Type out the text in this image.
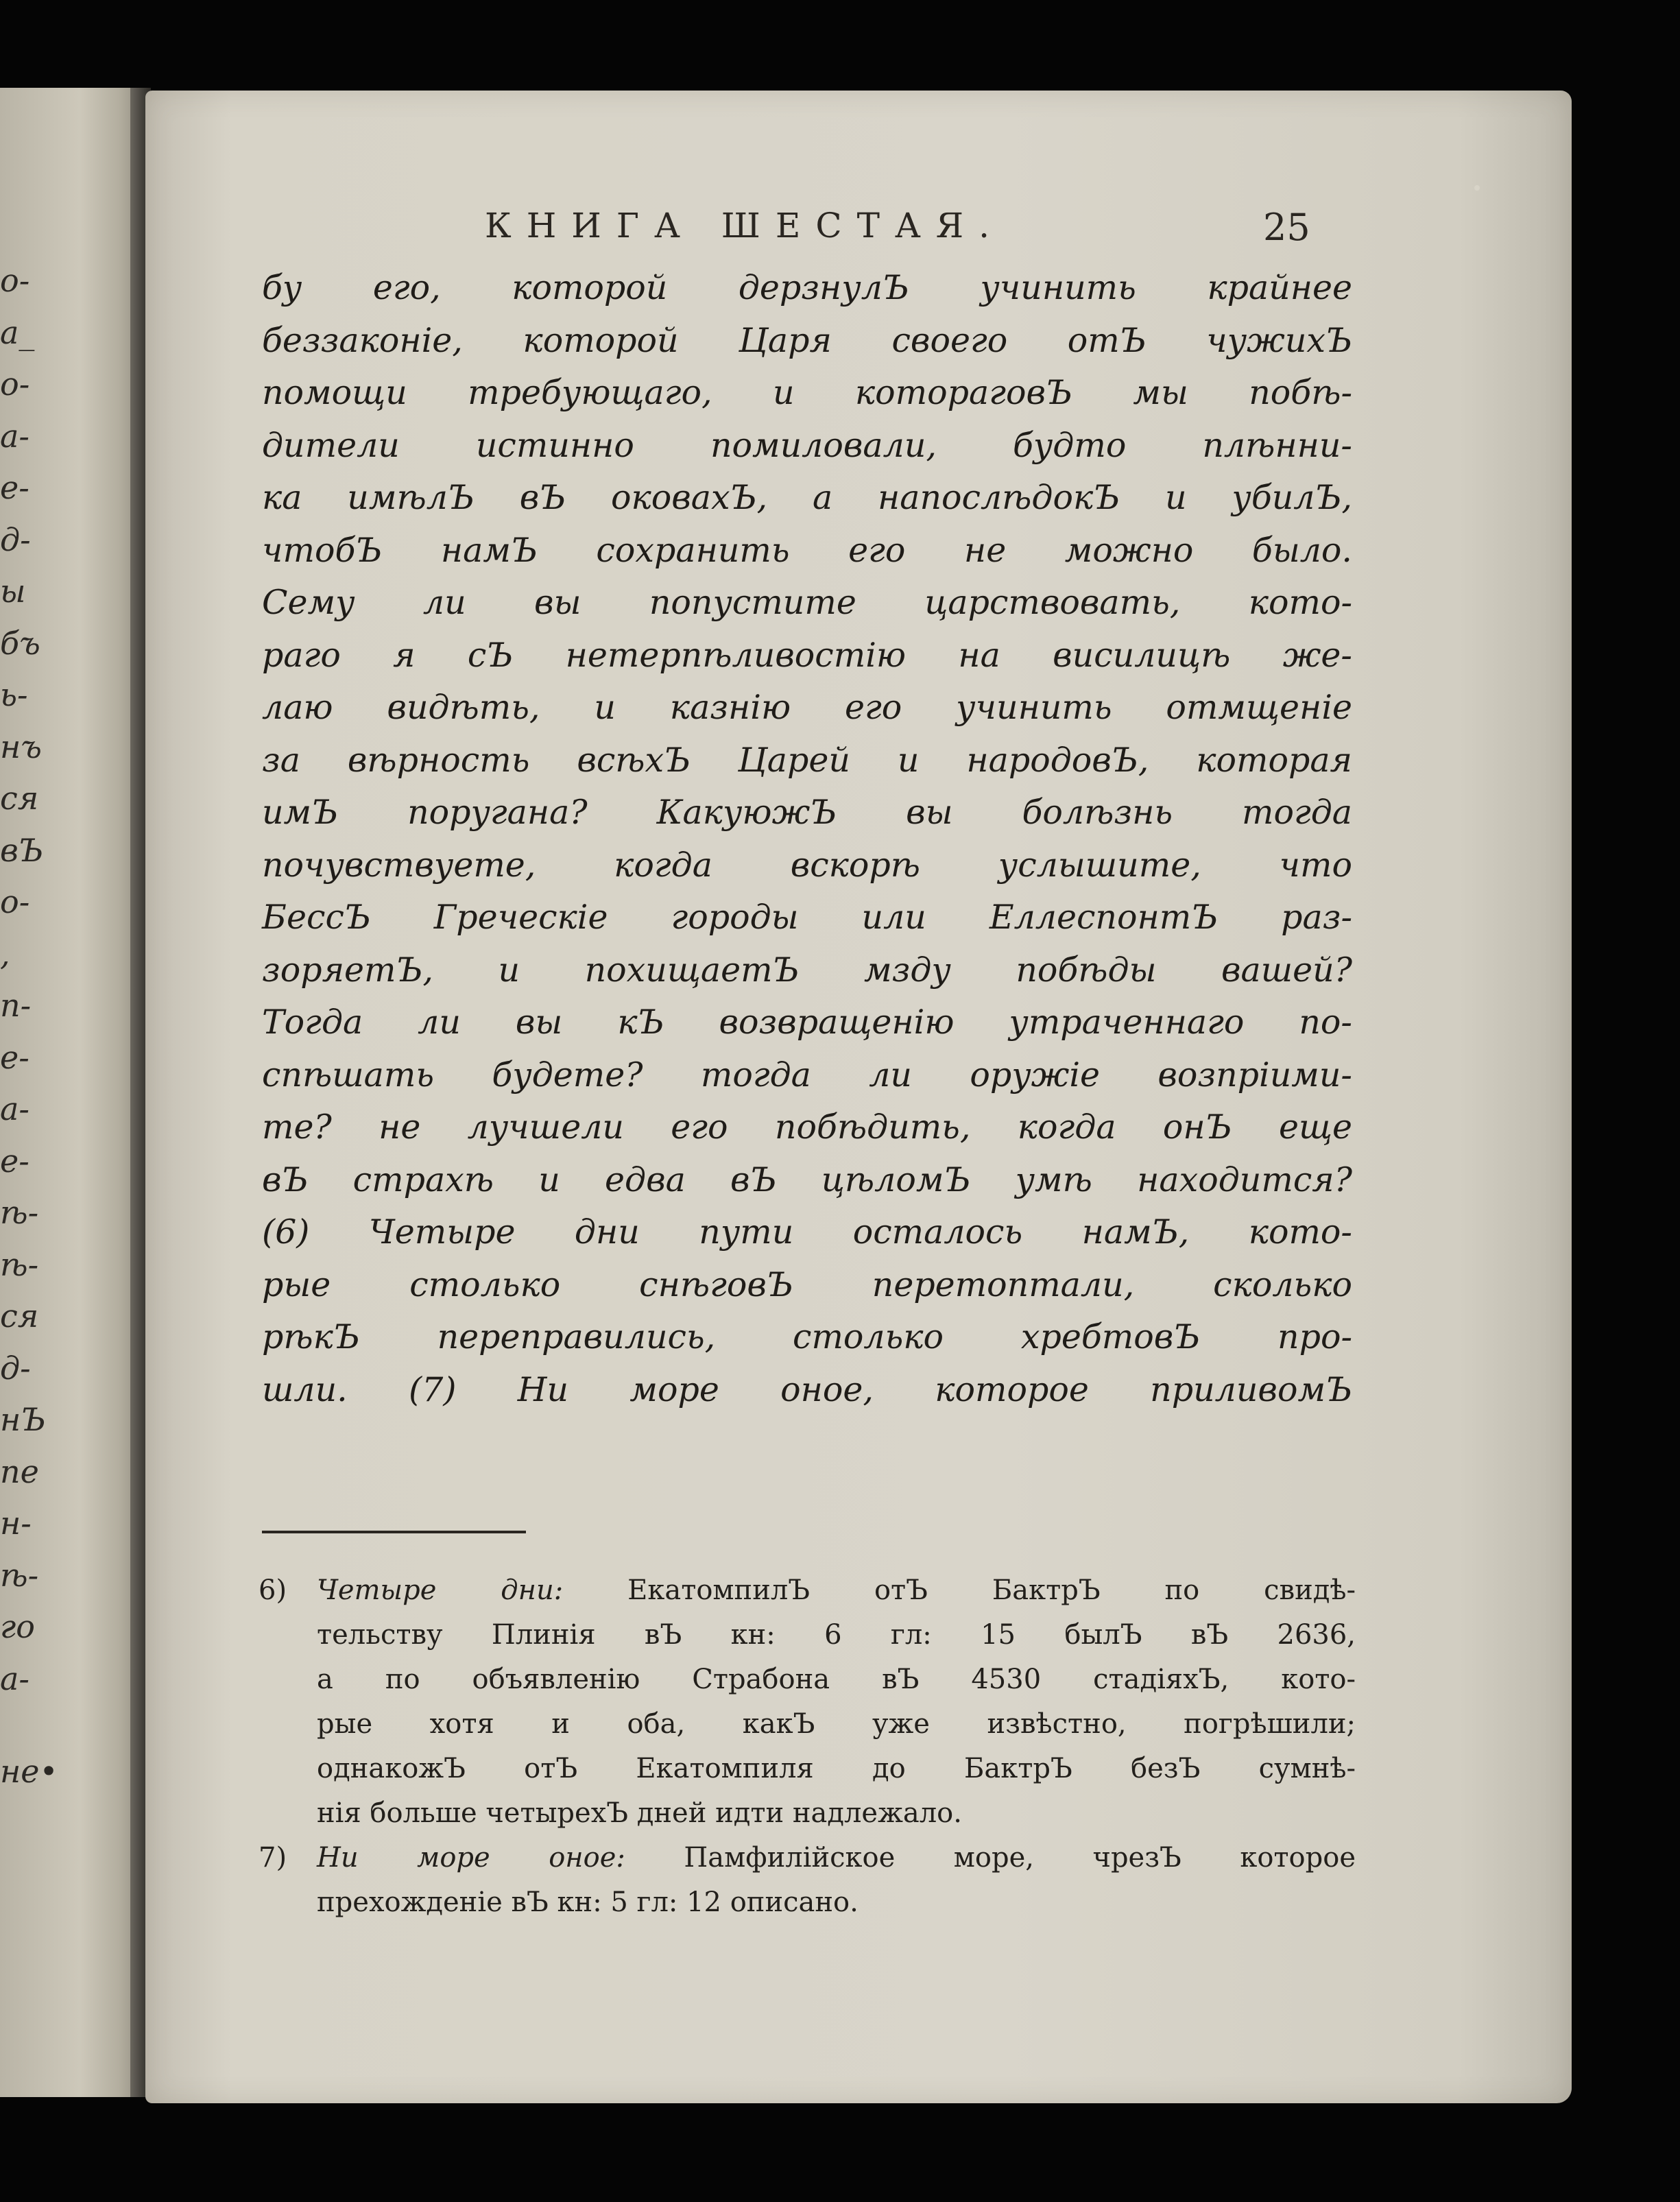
о-
а_
о-
а-
е-
д-
ы
бъ
ь-
нъ
ся
вЪ
о-
,
п-
е-
а-
е-
ѣ-
ѣ-
ся
д-
нЪ
пе
н-
ѣ-
го
а-
не•
КНИГА ШЕСТАЯ.	25
бу его, которой дерзнулЪ учинить крайнее
беззаконіе, которой Царя своего отЪ чужихЪ
помощи требующаго, и котораговЪ мы побѣ-
дители истинно помиловали, будто плѣнни-
ка имѣлЪ вЪ оковахЪ, а напослѣдокЪ и убилЪ,
чтобЪ намЪ сохранить его не можно было.
Сему ли вы попустите царствовать, кото-
раго я сЪ нетерпѣливостію на висилицѣ же-
лаю видѣть, и казнію его учинить отмщеніе
за вѣрность всѣхЪ Царей и народовЪ, которая
имЪ поругана? КакуюжЪ вы болѣзнь тогда
почувствуете, когда вскорѣ услышите, что
БессЪ Греческіе городы или ЕллеспонтЪ раз-
зоряетЪ, и похищаетЪ мзду побѣды вашей?
Тогда ли вы кЪ возвращенію утраченнаго по-
спѣшать будете? тогда ли оружіе возпріими-
те? не лучшели его побѣдить, когда онЪ еще
вЪ страхѣ и едва вЪ цѣломЪ умѣ находится?
(6) Четыре дни пути осталось намЪ, кото-
рые столько снѣговЪ перетоптали, сколько
рѣкЪ переправились, столько хребтовЪ про-
шли. (7) Ни море оное, которое приливомЪ
6) Четыре дни: ЕкатомпилЪ отЪ БактрЪ по свидѣ-
тельству Плинія вЪ кн: 6 гл: 15 былЪ вЪ 2636,
а по объявленію Страбона вЪ 4530 стадіяхЪ, кото-
рые хотя и оба, какЪ уже извѣстно, погрѣшили;
однакожЪ отЪ Екатомпиля до БактрЪ безЪ сумнѣ-
нія больше четырехЪ дней идти надлежало.
7) Ни море оное: Памфилійское море, чрезЪ которое
прехожденіе вЪ кн: 5 гл: 12 описано.
